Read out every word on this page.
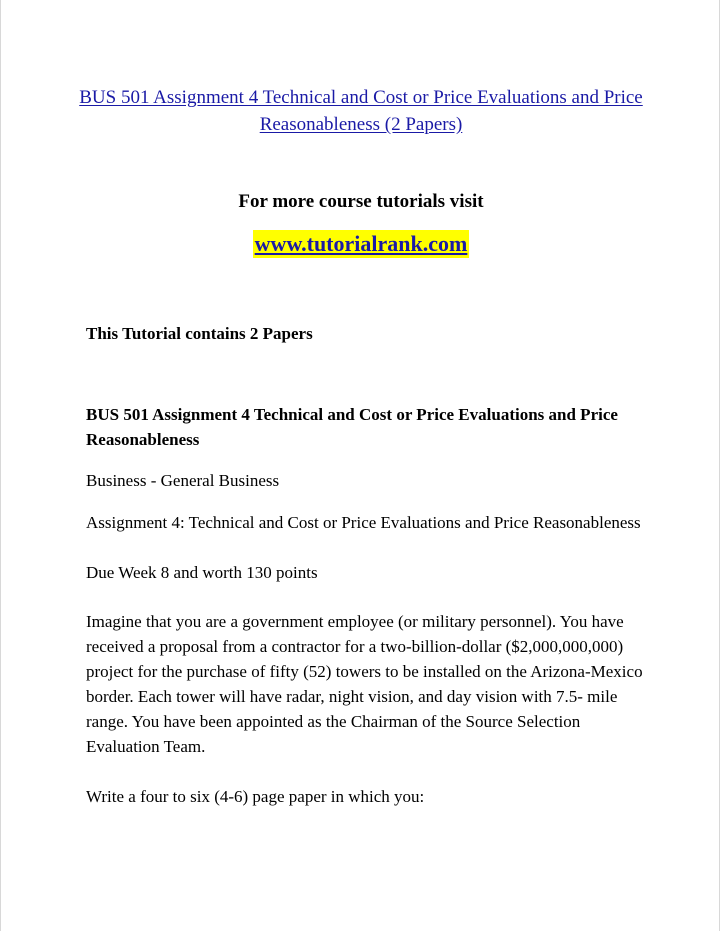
BUS 501 Assignment 4 Technical and Cost or Price Evaluations and Price Reasonableness (2 Papers)
For more course tutorials visit
www.tutorialrank.com
This Tutorial contains 2 Papers
BUS 501 Assignment 4 Technical and Cost or Price Evaluations and Price Reasonableness
Business - General Business
Assignment 4: Technical and Cost or Price Evaluations and Price Reasonableness
Due Week 8 and worth 130 points
Imagine that you are a government employee (or military personnel). You have received a proposal from a contractor for a two-billion-dollar ($2,000,000,000) project for the purchase of fifty (52) towers to be installed on the Arizona-Mexico border. Each tower will have radar, night vision, and day vision with 7.5- mile range. You have been appointed as the Chairman of the Source Selection Evaluation Team.
Write a four to six (4-6) page paper in which you:
